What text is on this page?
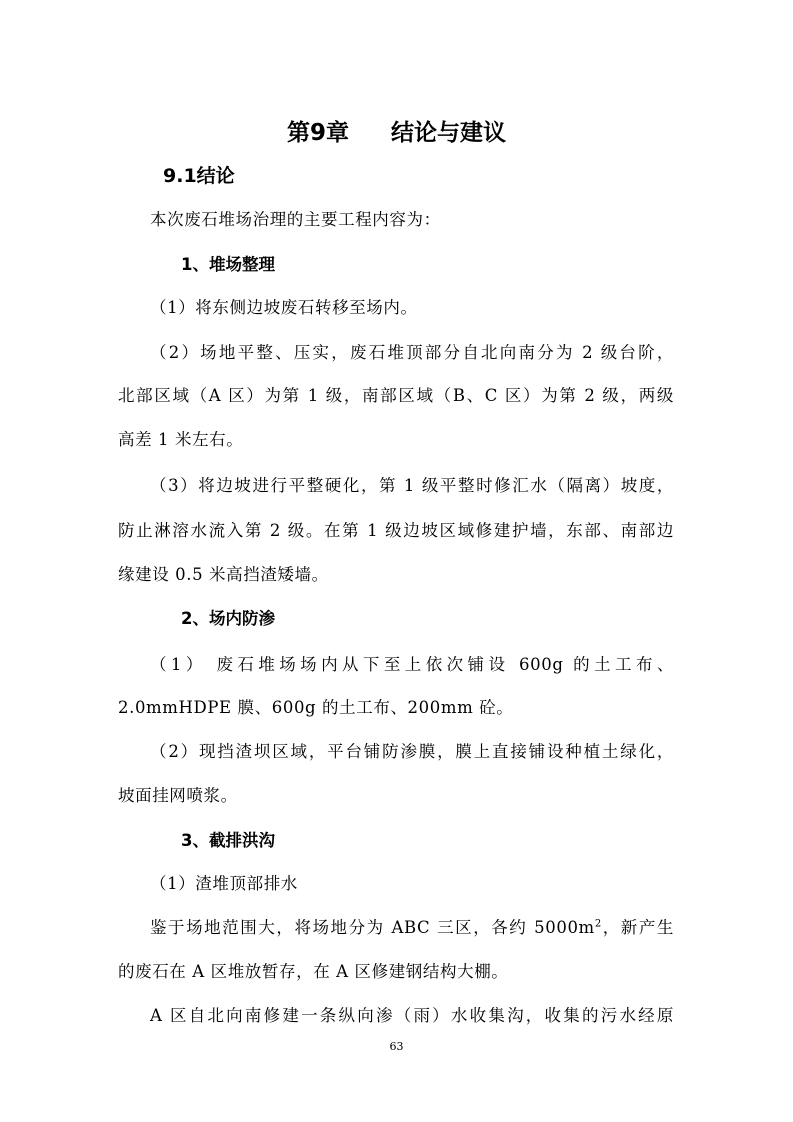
第9章 结论与建议
9.1结论
本次废石堆场治理的主要工程内容为：
1、堆场整理
（1）将东侧边坡废石转移至场内。
（2）场地平整、压实，废石堆顶部分自北向南分为 2 级台阶，
北部区域（A 区）为第 1 级，南部区域（B、C 区）为第 2 级，两级
高差 1 米左右。
（3）将边坡进行平整硬化，第 1 级平整时修汇水（隔离）坡度，
防止淋溶水流入第 2 级。在第 1 级边坡区域修建护墙，东部、南部边
缘建设 0.5 米高挡渣矮墙。
2、场内防渗
（1） 废石堆场场内从下至上依次铺设 600g 的土工布、
2.0mmHDPE 膜、600g 的土工布、200mm 砼。
（2）现挡渣坝区域，平台铺防渗膜，膜上直接铺设种植土绿化，
坡面挂网喷浆。
3、截排洪沟
（1）渣堆顶部排水
鉴于场地范围大，将场地分为 ABC 三区，各约 $5000m^2$，新产生
的废石在 A 区堆放暂存，在 A 区修建钢结构大棚。
A 区自北向南修建一条纵向渗（雨）水收集沟，收集的污水经原
63
